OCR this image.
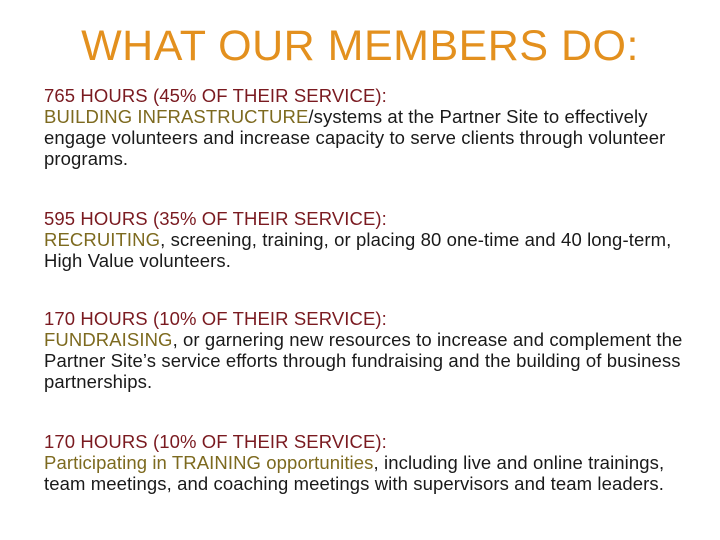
WHAT OUR MEMBERS DO:
765 HOURS (45% OF THEIR SERVICE):
BUILDING INFRASTRUCTURE/systems at the Partner Site to effectively engage volunteers and increase capacity to serve clients through volunteer programs.
595 HOURS (35% OF THEIR SERVICE):
RECRUITING, screening, training, or placing 80 one-time and 40 long-term, High Value volunteers.
170 HOURS (10% OF THEIR SERVICE):
FUNDRAISING, or garnering new resources to increase and complement the Partner Site’s service efforts through fundraising and the building of business partnerships.
170 HOURS (10% OF THEIR SERVICE):
Participating in TRAINING opportunities, including live and online trainings, team meetings, and coaching meetings with supervisors and team leaders.
